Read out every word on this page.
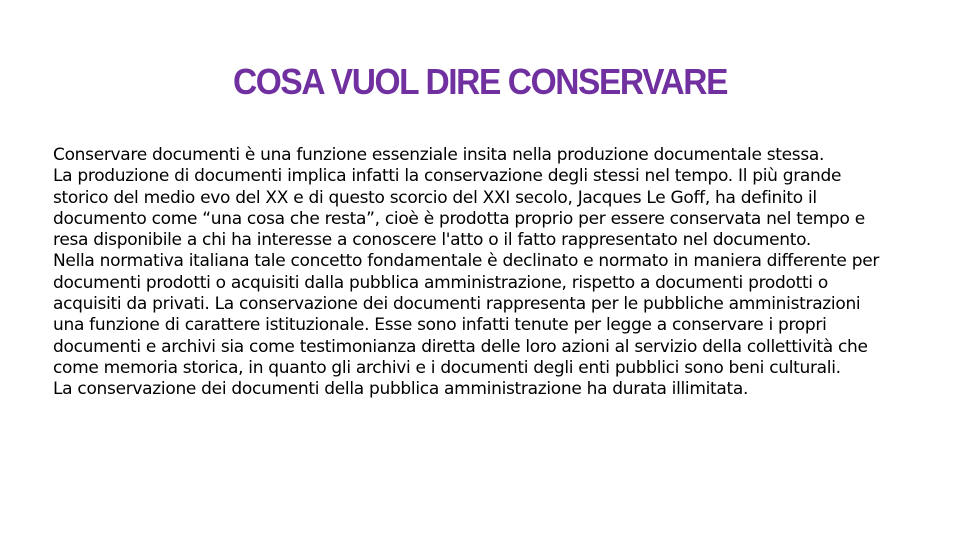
COSA VUOL DIRE CONSERVARE

Conservare documenti è una funzione essenziale insita nella produzione documentale stessa.

La produzione di documenti implica infatti la conservazione degli stessi nel tempo. Il più grande storico del medio evo del XX e di questo scorcio del XXI secolo, Jacques Le Goff, ha definito il documento come “una cosa che resta”, cioè è prodotta proprio per essere conservata nel tempo e resa disponibile a chi ha interesse a conoscere l'atto o il fatto rappresentato nel documento.

Nella normativa italiana tale concetto fondamentale è declinato e normato in maniera differente per documenti prodotti o acquisiti dalla pubblica amministrazione, rispetto a documenti prodotti o acquisiti da privati. La conservazione dei documenti rappresenta per le pubbliche amministrazioni una funzione di carattere istituzionale. Esse sono infatti tenute per legge a conservare i propri documenti e archivi sia come testimonianza diretta delle loro azioni al servizio della collettività che come memoria storica, in quanto gli archivi e i documenti degli enti pubblici sono beni culturali.

La conservazione dei documenti della pubblica amministrazione ha durata illimitata.
